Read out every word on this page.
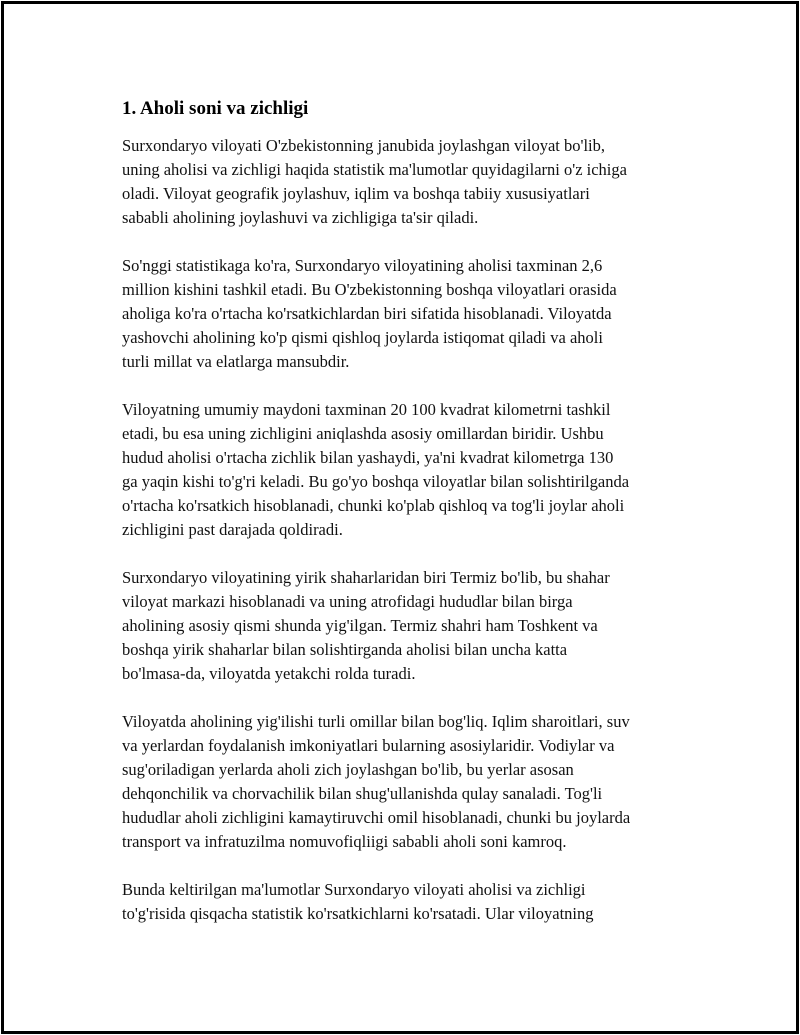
1. Aholi soni va zichligi

Surxondaryo viloyati O'zbekistonning janubida joylashgan viloyat bo'lib,
uning aholisi va zichligi haqida statistik ma'lumotlar quyidagilarni o'z ichiga
oladi. Viloyat geografik joylashuv, iqlim va boshqa tabiiy xususiyatlari
sababli aholining joylashuvi va zichligiga ta'sir qiladi.

So'nggi statistikaga ko'ra, Surxondaryo viloyatining aholisi taxminan 2,6
million kishini tashkil etadi. Bu O'zbekistonning boshqa viloyatlari orasida
aholiga ko'ra o'rtacha ko'rsatkichlardan biri sifatida hisoblanadi. Viloyatda
yashovchi aholining ko'p qismi qishloq joylarda istiqomat qiladi va aholi
turli millat va elatlarga mansubdir.

Viloyatning umumiy maydoni taxminan 20 100 kvadrat kilometrni tashkil
etadi, bu esa uning zichligini aniqlashda asosiy omillardan biridir. Ushbu
hudud aholisi o'rtacha zichlik bilan yashaydi, ya'ni kvadrat kilometrga 130
ga yaqin kishi to'g'ri keladi. Bu go'yo boshqa viloyatlar bilan solishtirilganda
o'rtacha ko'rsatkich hisoblanadi, chunki ko'plab qishloq va tog'li joylar aholi
zichligini past darajada qoldiradi.

Surxondaryo viloyatining yirik shaharlaridan biri Termiz bo'lib, bu shahar
viloyat markazi hisoblanadi va uning atrofidagi hududlar bilan birga
aholining asosiy qismi shunda yig'ilgan. Termiz shahri ham Toshkent va
boshqa yirik shaharlar bilan solishtirganda aholisi bilan uncha katta
bo'lmasa-da, viloyatda yetakchi rolda turadi.

Viloyatda aholining yig'ilishi turli omillar bilan bog'liq. Iqlim sharoitlari, suv
va yerlardan foydalanish imkoniyatlari bularning asosiylaridir. Vodiylar va
sug'oriladigan yerlarda aholi zich joylashgan bo'lib, bu yerlar asosan
dehqonchilik va chorvachilik bilan shug'ullanishda qulay sanaladi. Tog'li
hududlar aholi zichligini kamaytiruvchi omil hisoblanadi, chunki bu joylarda
transport va infratuzilma nomuvofiqliigi sababli aholi soni kamroq.

Bunda keltirilgan ma'lumotlar Surxondaryo viloyati aholisi va zichligi
to'g'risida qisqacha statistik ko'rsatkichlarni ko'rsatadi. Ular viloyatning
